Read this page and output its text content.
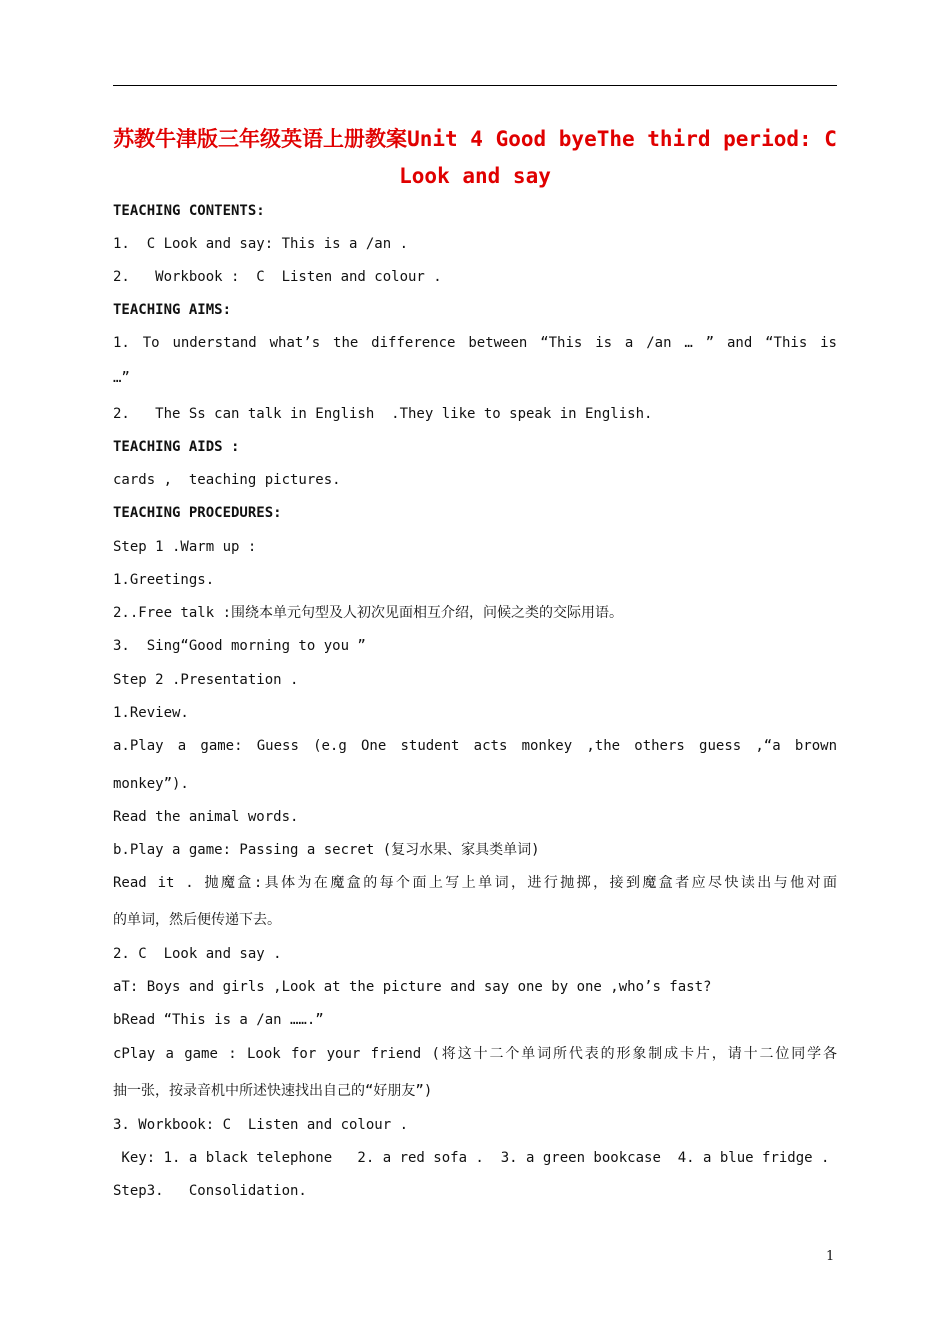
苏教牛津版三年级英语上册教案Unit 4 Good byeThe third period: C
Look and say
TEACHING CONTENTS:
1.  C Look and say: This is a /an .
2.   Workbook :  C  Listen and colour .
TEACHING AIMS:
1. To understand what’s the difference between “This is a /an … ” and “This is
…”
2.   The Ss can talk in English  .They like to speak in English.
TEACHING AIDS :
cards ,  teaching pictures.
TEACHING PROCEDURES:
Step 1 .Warm up :
1.Greetings.
2..Free talk :围绕本单元句型及人初次见面相互介绍，问候之类的交际用语。
3.  Sing“Good morning to you ”
Step 2 .Presentation .
1.Review.
a.Play a game: Guess (e.g One student acts monkey ,the others guess ,“a brown
monkey”).
Read the animal words.
b.Play a game: Passing a secret (复习水果、家具类单词)
Read it . 抛魔盒:具体为在魔盒的每个面上写上单词，进行抛掷，接到魔盒者应尽快读出与他对面
的单词，然后便传递下去。
2. C  Look and say .
aT: Boys and girls ,Look at the picture and say one by one ,who’s fast?
bRead “This is a /an …….”
cPlay a game : Look for your friend (将这十二个单词所代表的形象制成卡片，请十二位同学各
抽一张，按录音机中所述快速找出自己的“好朋友”)
3. Workbook: C  Listen and colour .
Key: 1. a black telephone   2. a red sofa .  3. a green bookcase  4. a blue fridge .
Step3.   Consolidation.
1
